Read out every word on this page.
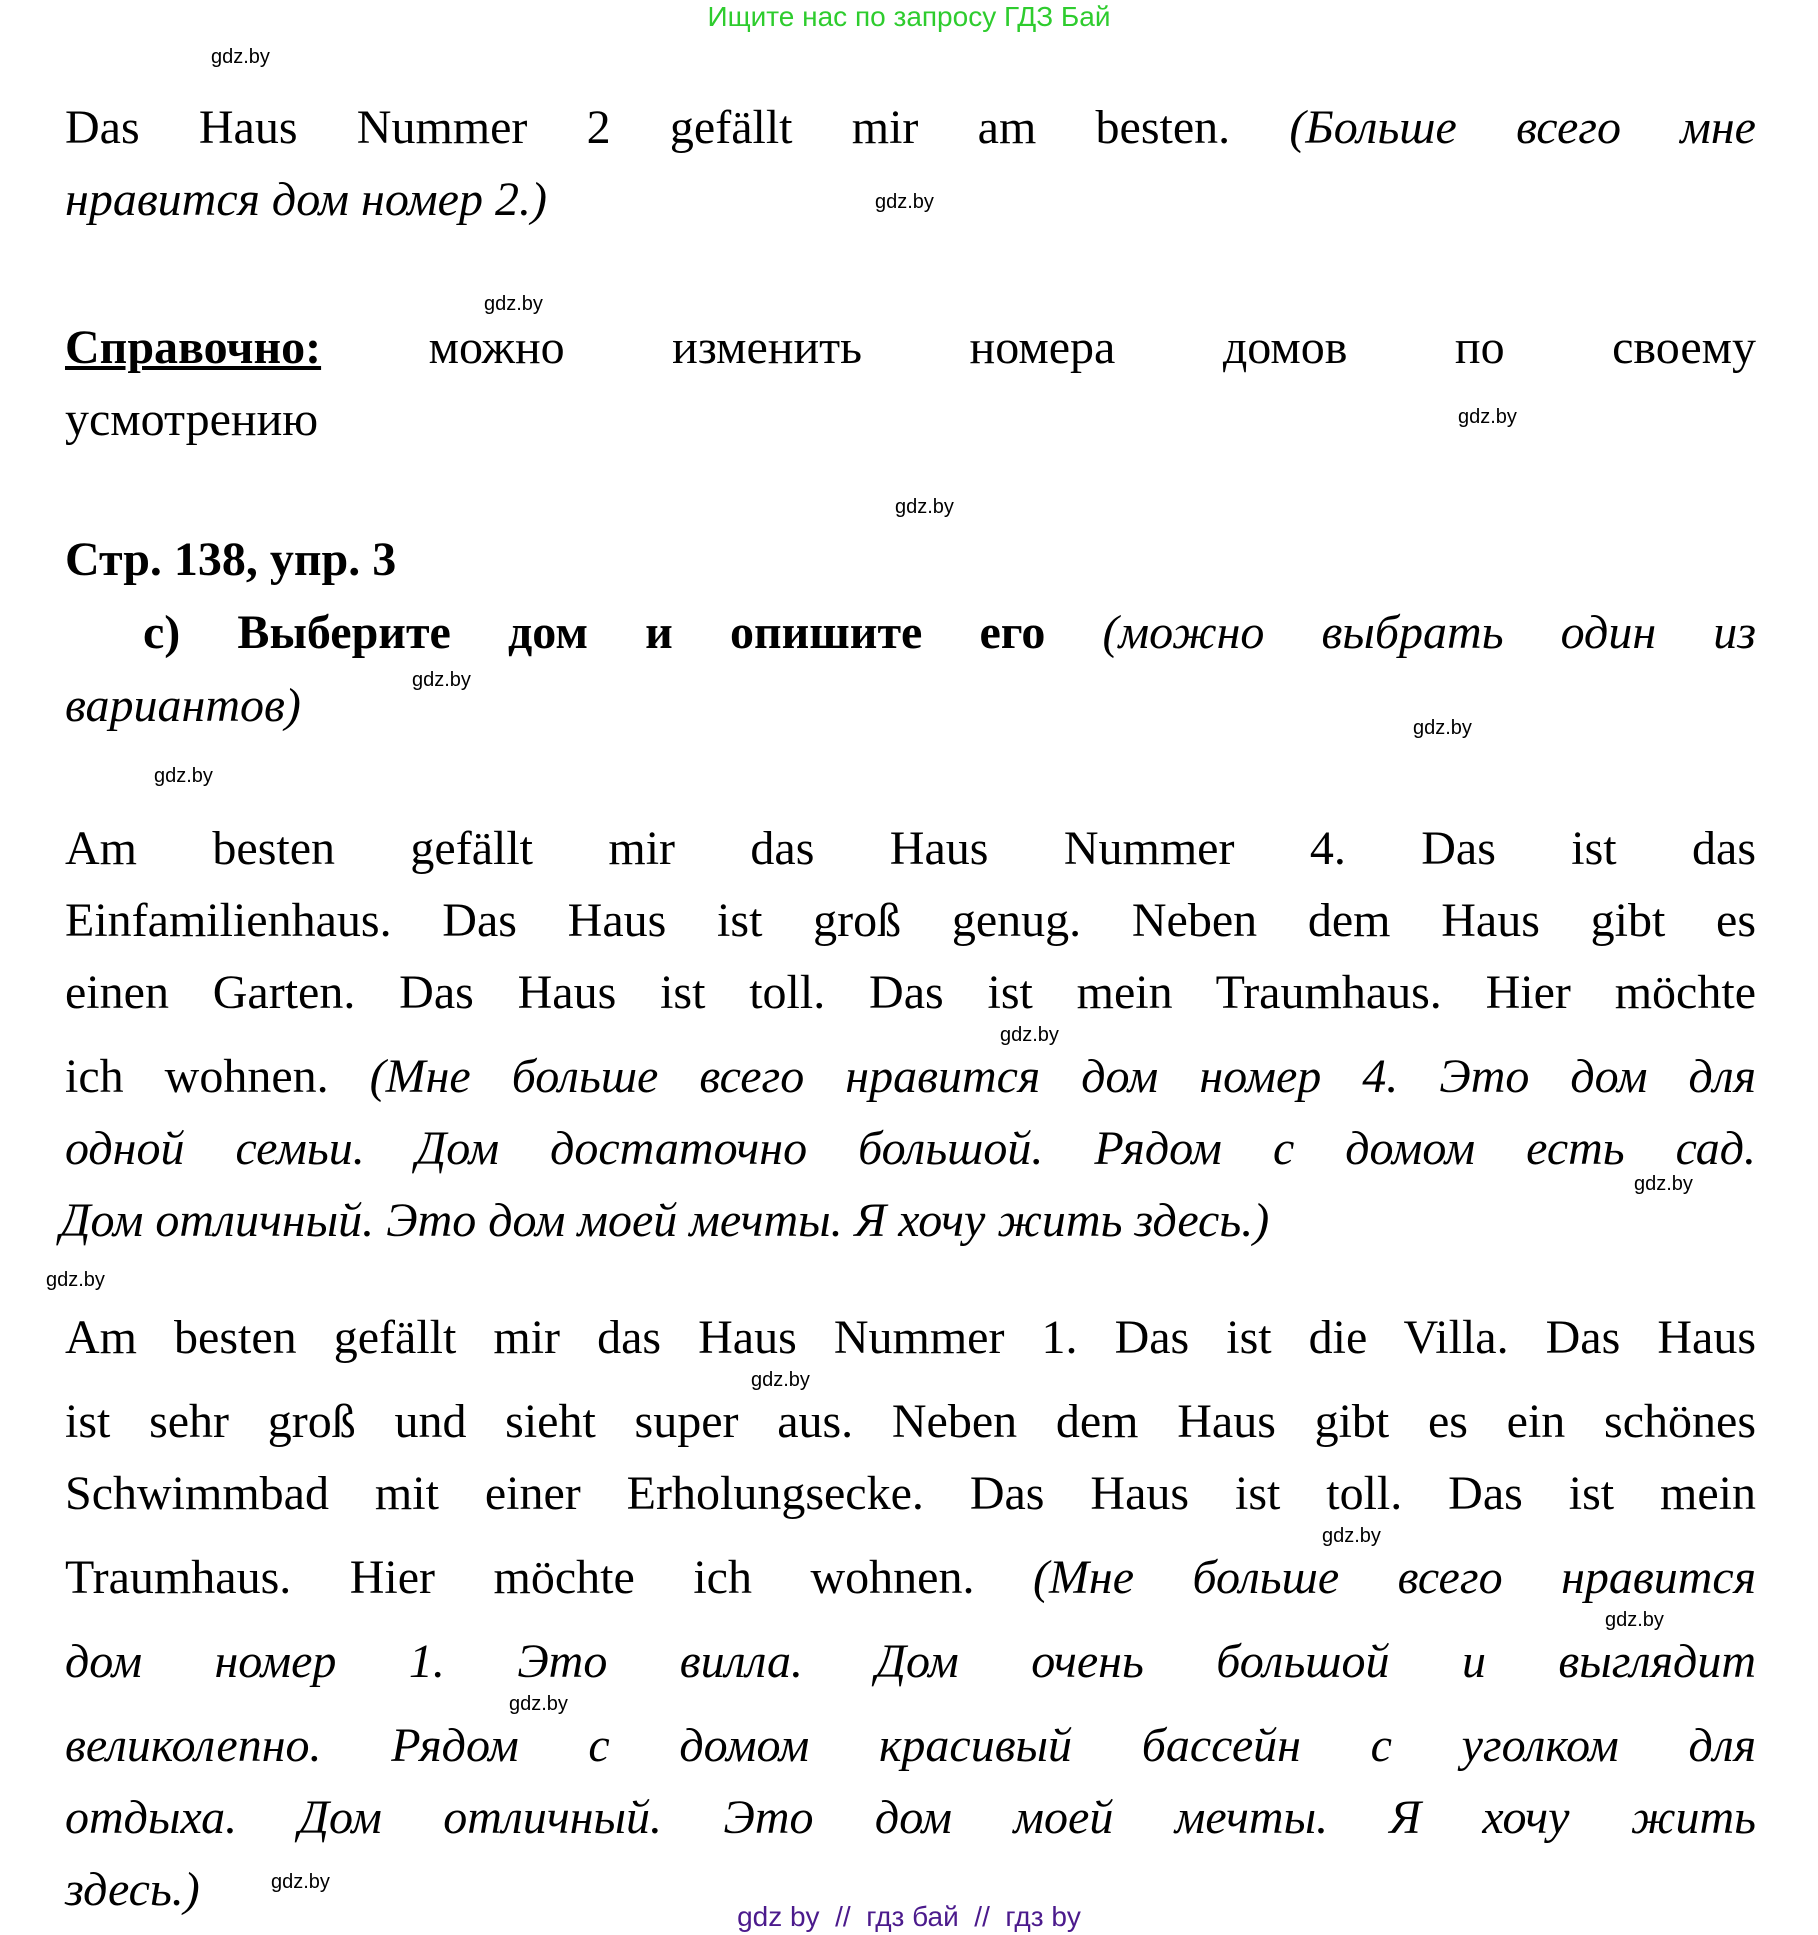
Ищите нас по запросу ГДЗ Бай
Das Haus Nummer 2 gefällt mir am besten. (Больше всего мне
нравится дом номер 2.)
Справочно: можно изменить номера домов по своему
усмотрению
Стр. 138, упр. 3
c) Выберите дом и опишите его (можно выбрать один из
вариантов)
Am besten gefällt mir das Haus Nummer 4. Das ist das
Einfamilienhaus. Das Haus ist groß genug. Neben dem Haus gibt es
einen Garten. Das Haus ist toll. Das ist mein Traumhaus. Hier möchte
ich wohnen. (Мне больше всего нравится дом номер 4. Это дом для
одной семьи. Дом достаточно большой. Рядом с домом есть сад.
Дом отличный. Это дом моей мечты. Я хочу жить здесь.)
Am besten gefällt mir das Haus Nummer 1. Das ist die Villa. Das Haus
ist sehr groß und sieht super aus. Neben dem Haus gibt es ein schönes
Schwimmbad mit einer Erholungsecke. Das Haus ist toll. Das ist mein
Traumhaus. Hier möchte ich wohnen. (Мне больше всего нравится
дом номер 1. Это вилла. Дом очень большой и выглядит
великолепно. Рядом с домом красивый бассейн с уголком для
отдыха. Дом отличный. Это дом моей мечты. Я хочу жить
здесь.)
gdz.by
gdz.by
gdz.by
gdz.by
gdz.by
gdz.by
gdz.by
gdz.by
gdz.by
gdz.by
gdz.by
gdz.by
gdz.by
gdz.by
gdz.by
gdz.by
gdz by  //  гдз бай  //  гдз by
